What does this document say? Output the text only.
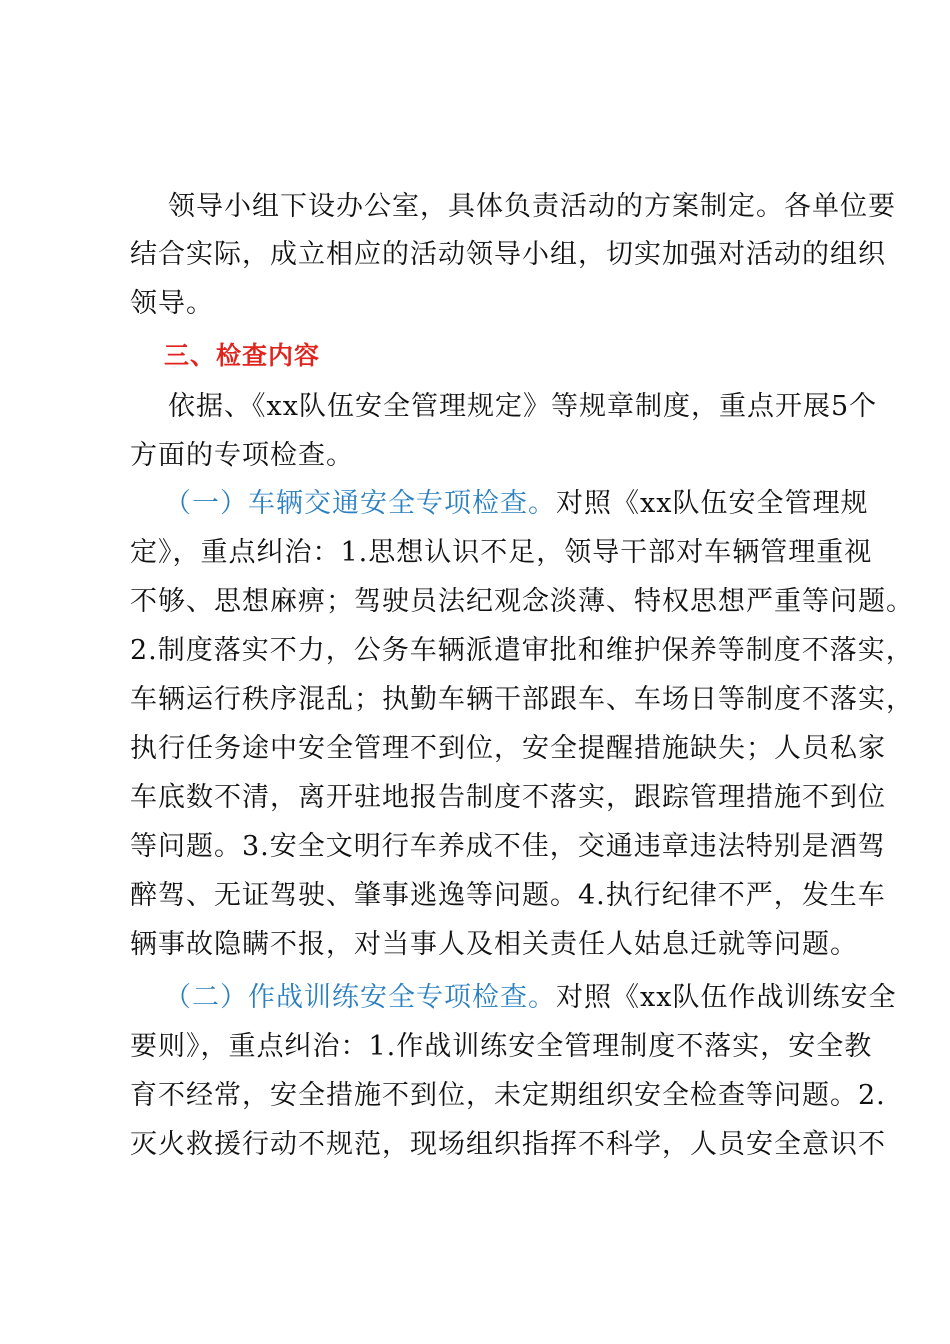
领导小组下设办公室，具体负责活动的方案制定。各单位要
结合实际，成立相应的活动领导小组，切实加强对活动的组织
领导。
三、检查内容
依据、《xx队伍安全管理规定》等规章制度，重点开展5个
方面的专项检查。
（一）车辆交通安全专项检查。对照《xx队伍安全管理规
定》，重点纠治：1.思想认识不足，领导干部对车辆管理重视
不够、思想麻痹；驾驶员法纪观念淡薄、特权思想严重等问题。
2.制度落实不力，公务车辆派遣审批和维护保养等制度不落实，
车辆运行秩序混乱；执勤车辆干部跟车、车场日等制度不落实，
执行任务途中安全管理不到位，安全提醒措施缺失；人员私家
车底数不清，离开驻地报告制度不落实，跟踪管理措施不到位
等问题。3.安全文明行车养成不佳，交通违章违法特别是酒驾
醉驾、无证驾驶、肇事逃逸等问题。4.执行纪律不严，发生车
辆事故隐瞒不报，对当事人及相关责任人姑息迁就等问题。
（二）作战训练安全专项检查。对照《xx队伍作战训练安全
要则》，重点纠治：1.作战训练安全管理制度不落实，安全教
育不经常，安全措施不到位，未定期组织安全检查等问题。2.
灭火救援行动不规范，现场组织指挥不科学，人员安全意识不
